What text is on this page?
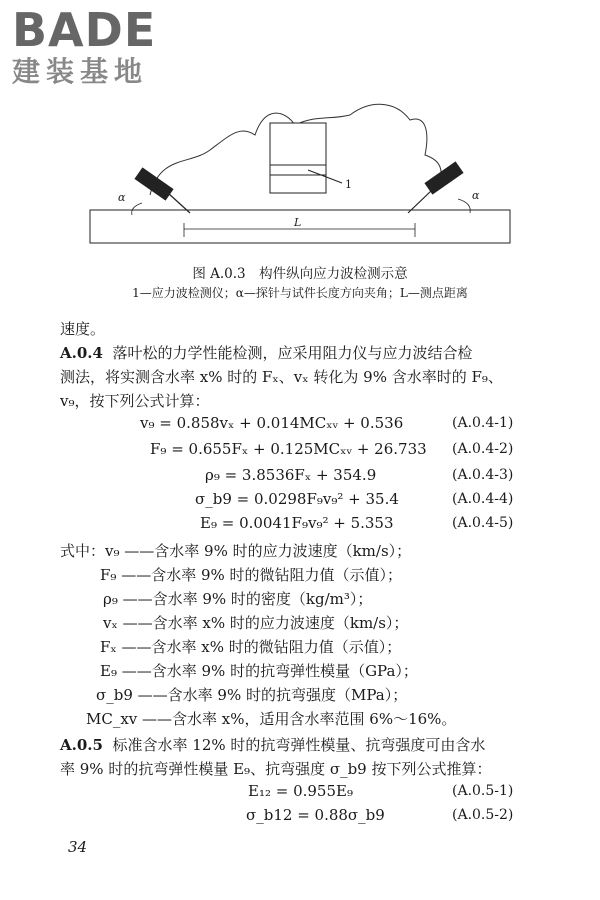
BADE
建装基地
1
α	α
L
图 A.0.3　构件纵向应力波检测示意
1—应力波检测仪；α—探针与试件长度方向夹角；L—测点距离
速度。
A.0.4 落叶松的力学性能检测，应采用阻力仪与应力波结合检
测法，将实测含水率 x% 时的 Fₓ、vₓ 转化为 9% 含水率时的 F₉、
v₉，按下列公式计算：
v₉ = 0.858vₓ + 0.014MCₓᵥ + 0.536	(A.0.4-1)
F₉ = 0.655Fₓ + 0.125MCₓᵥ + 26.733 (A.0.4-2)
ρ₉ = 3.8536Fₓ + 354.9	(A.0.4-3)
σ_b9 = 0.0298F₉v₉² + 35.4	(A.0.4-4)
E₉ = 0.0041F₉v₉² + 5.353	(A.0.4-5)
式中：v₉ ——含水率 9% 时的应力波速度（km/s）；
F₉ ——含水率 9% 时的微钻阻力值（示值）；
ρ₉ ——含水率 9% 时的密度（kg/m³）；
vₓ ——含水率 x% 时的应力波速度（km/s）；
Fₓ ——含水率 x% 时的微钻阻力值（示值）；
E₉ ——含水率 9% 时的抗弯弹性模量（GPa）；
σ_b9 ——含水率 9% 时的抗弯强度（MPa）；
MC_xv ——含水率 x%，适用含水率范围 6%～16%。
A.0.5 标准含水率 12% 时的抗弯弹性模量、抗弯强度可由含水
率 9% 时的抗弯弹性模量 E₉、抗弯强度 σ_b9 按下列公式推算：
E₁₂ = 0.955E₉	(A.0.5-1)
σ_b12 = 0.88σ_b9	(A.0.5-2)
34
